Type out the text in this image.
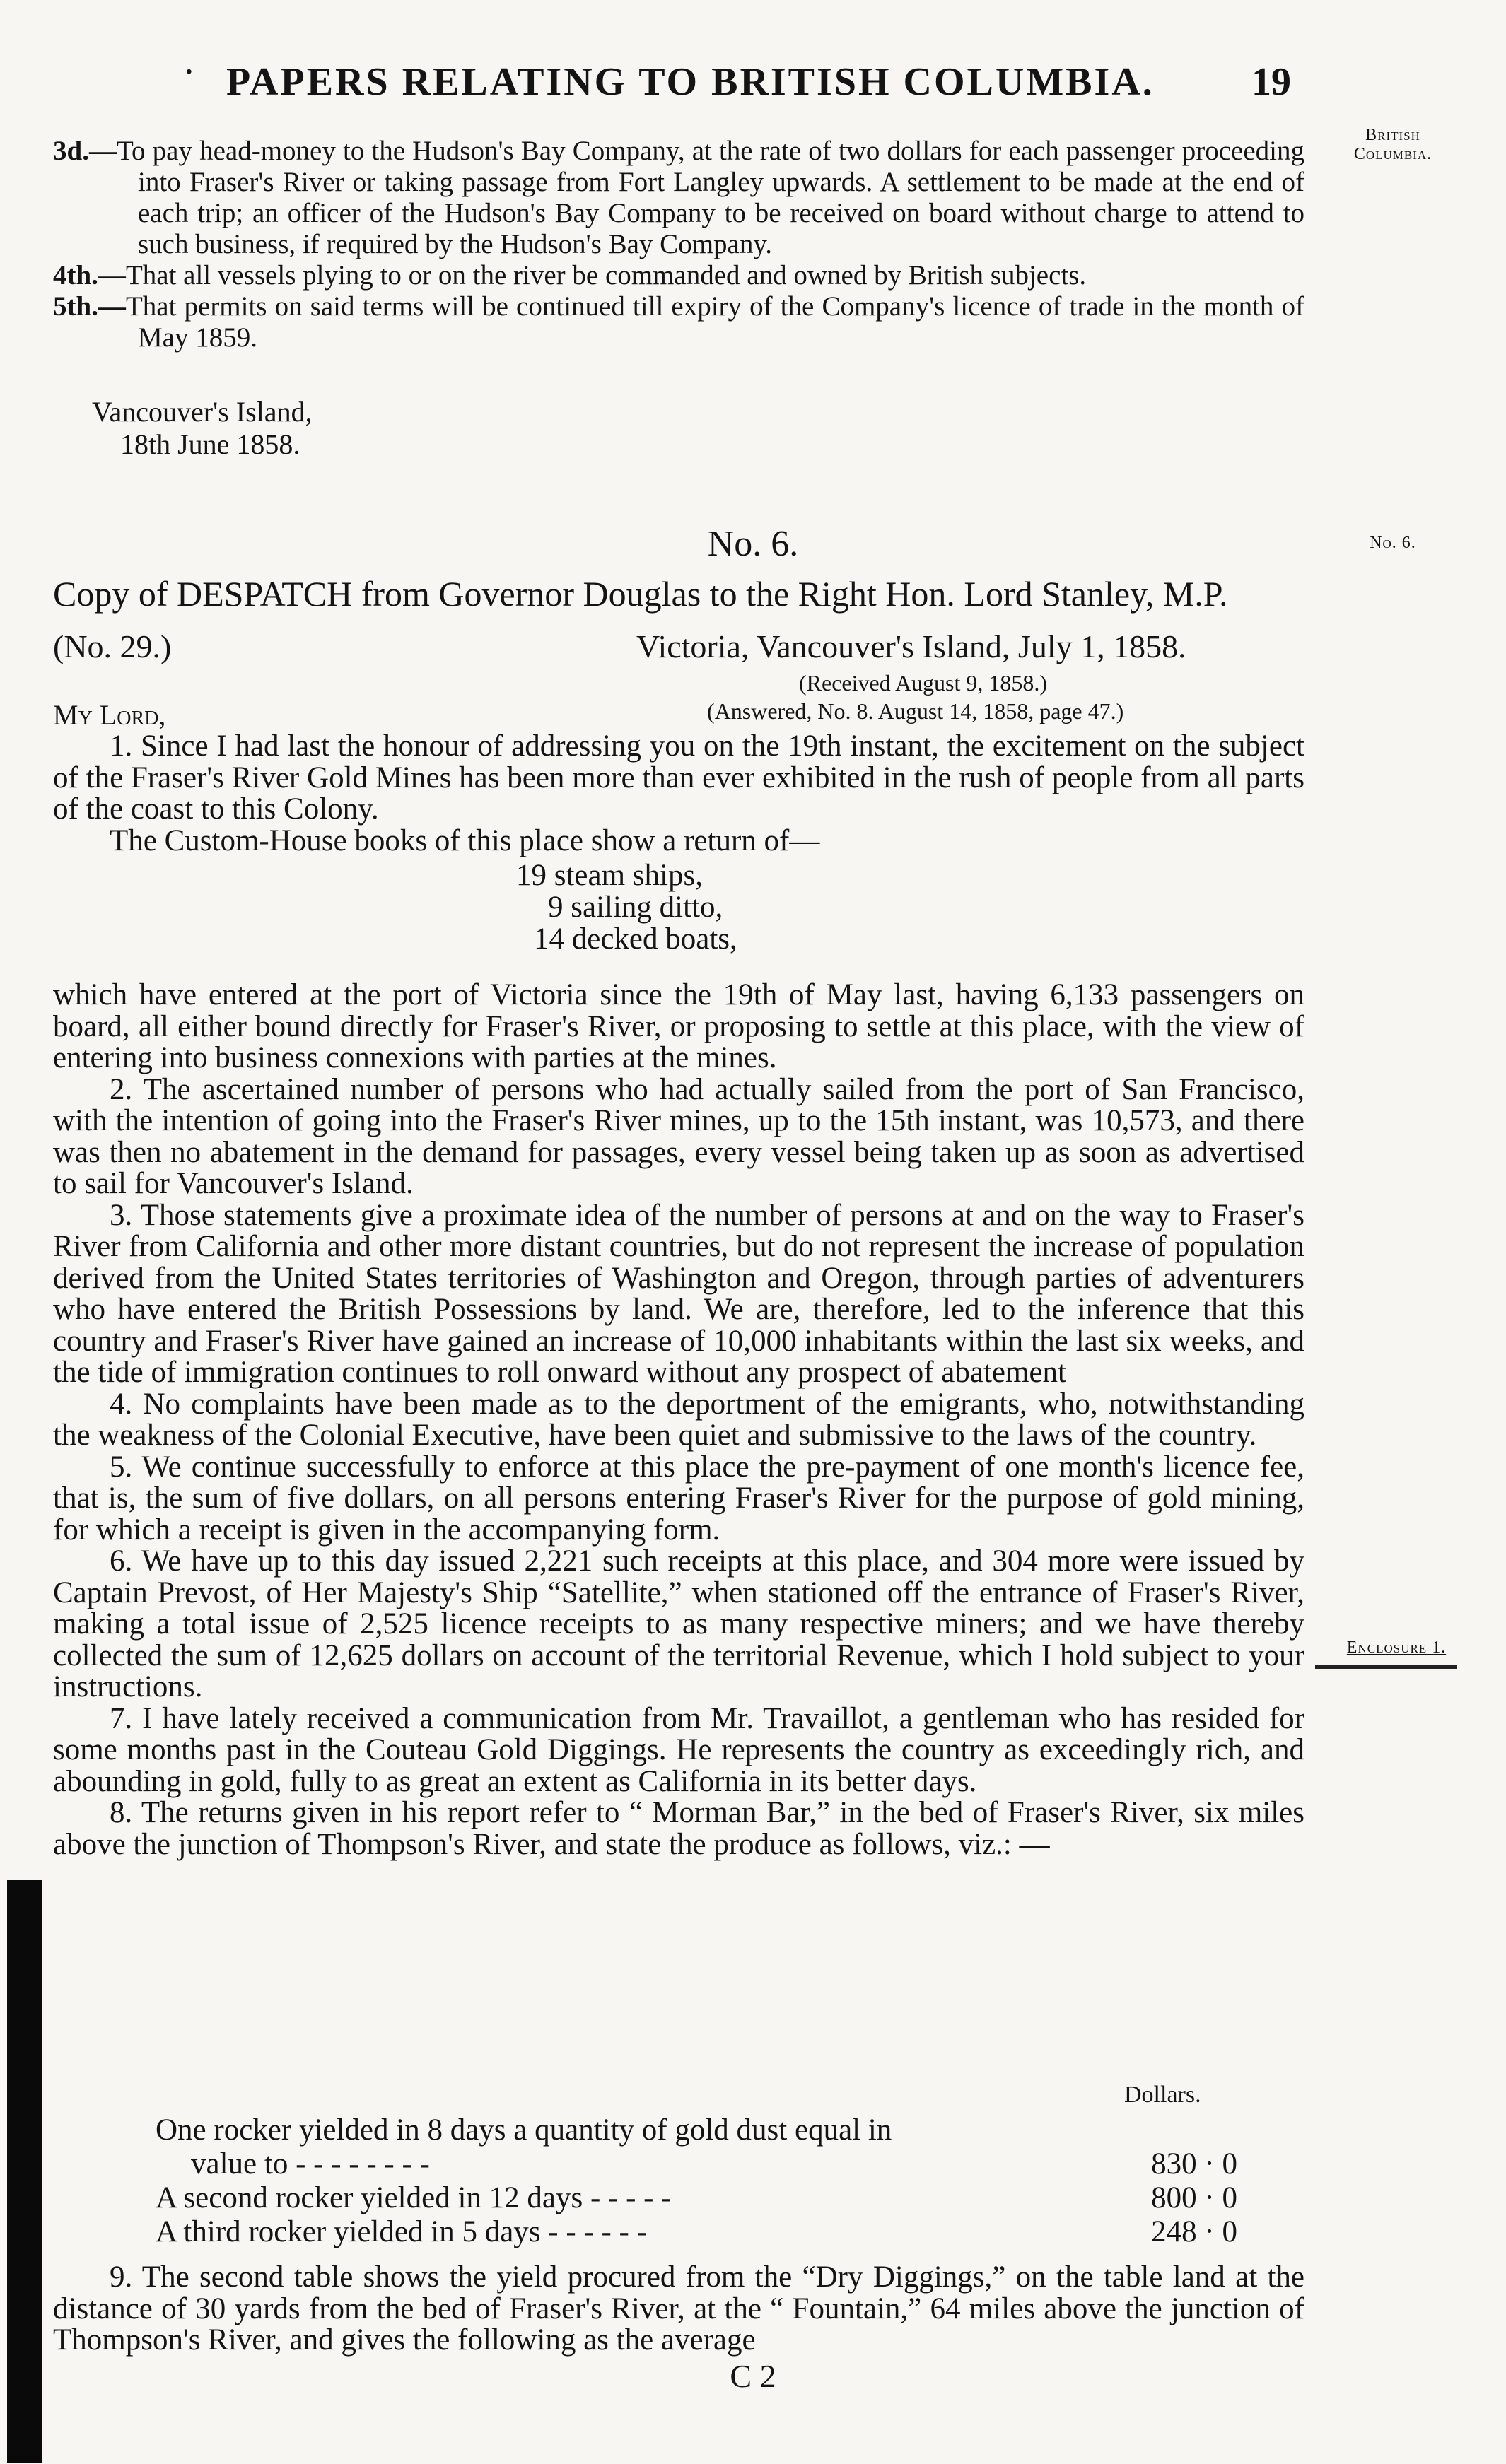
· PAPERS RELATING TO BRITISH COLUMBIA. 19
British
Columbia.
No. 6.
Enclosure 1.
3d.—To pay head-money to the Hudson's Bay Company, at the rate of two dollars for each passenger proceeding into Fraser's River or taking passage from Fort Langley upwards. A settlement to be made at the end of each trip; an officer of the Hudson's Bay Company to be received on board without charge to attend to such business, if required by the Hudson's Bay Company.
4th.—That all vessels plying to or on the river be commanded and owned by British subjects.
5th.—That permits on said terms will be continued till expiry of the Company's licence of trade in the month of May 1859.
Vancouver's Island,
18th June 1858.
No. 6.
Copy of DESPATCH from Governor Douglas to the Right Hon. Lord Stanley, M.P.
(No. 29.)	Victoria, Vancouver's Island, July 1, 1858.
(Received August 9, 1858.)
(Answered, No. 8. August 14, 1858, page 47.)
My Lord,

1. Since I had last the honour of addressing you on the 19th instant, the excitement on the subject of the Fraser's River Gold Mines has been more than ever exhibited in the rush of people from all parts of the coast to this Colony.

The Custom-House books of this place show a return of—

19 steam ships,
9 sailing ditto,
14 decked boats,

which have entered at the port of Victoria since the 19th of May last, having 6,133 passengers on board, all either bound directly for Fraser's River, or proposing to settle at this place, with the view of entering into business connexions with parties at the mines.

2. The ascertained number of persons who had actually sailed from the port of San Francisco, with the intention of going into the Fraser's River mines, up to the 15th instant, was 10,573, and there was then no abatement in the demand for passages, every vessel being taken up as soon as advertised to sail for Vancouver's Island.

3. Those statements give a proximate idea of the number of persons at and on the way to Fraser's River from California and other more distant countries, but do not represent the increase of population derived from the United States territories of Washington and Oregon, through parties of adventurers who have entered the British Possessions by land. We are, therefore, led to the inference that this country and Fraser's River have gained an increase of 10,000 inhabitants within the last six weeks, and the tide of immigration continues to roll onward without any prospect of abatement

4. No complaints have been made as to the deportment of the emigrants, who, notwithstanding the weakness of the Colonial Executive, have been quiet and submissive to the laws of the country.

5. We continue successfully to enforce at this place the pre-payment of one month's licence fee, that is, the sum of five dollars, on all persons entering Fraser's River for the purpose of gold mining, for which a receipt is given in the accompanying form.

6. We have up to this day issued 2,221 such receipts at this place, and 304 more were issued by Captain Prevost, of Her Majesty's Ship “Satellite,” when stationed off the entrance of Fraser's River, making a total issue of 2,525 licence receipts to as many respective miners; and we have thereby collected the sum of 12,625 dollars on account of the territorial Revenue, which I hold subject to your instructions.

7. I have lately received a communication from Mr. Travaillot, a gentleman who has resided for some months past in the Couteau Gold Diggings. He represents the country as exceedingly rich, and abounding in gold, fully to as great an extent as California in its better days.

8. The returns given in his report refer to “ Morman Bar,” in the bed of Fraser's River, six miles above the junction of Thompson's River, and state the produce as follows, viz.: —

Dollars.
One rocker yielded in 8 days a quantity of gold dust equal in
value to - - - - - - - -	830 · 0
A second rocker yielded in 12 days - - - - -	800 · 0
A third rocker yielded in 5 days - - - - - -	248 · 0

9. The second table shows the yield procured from the “Dry Diggings,” on the table land at the distance of 30 yards from the bed of Fraser's River, at the “ Fountain,” 64 miles above the junction of Thompson's River, and gives the following as the average

C 2
